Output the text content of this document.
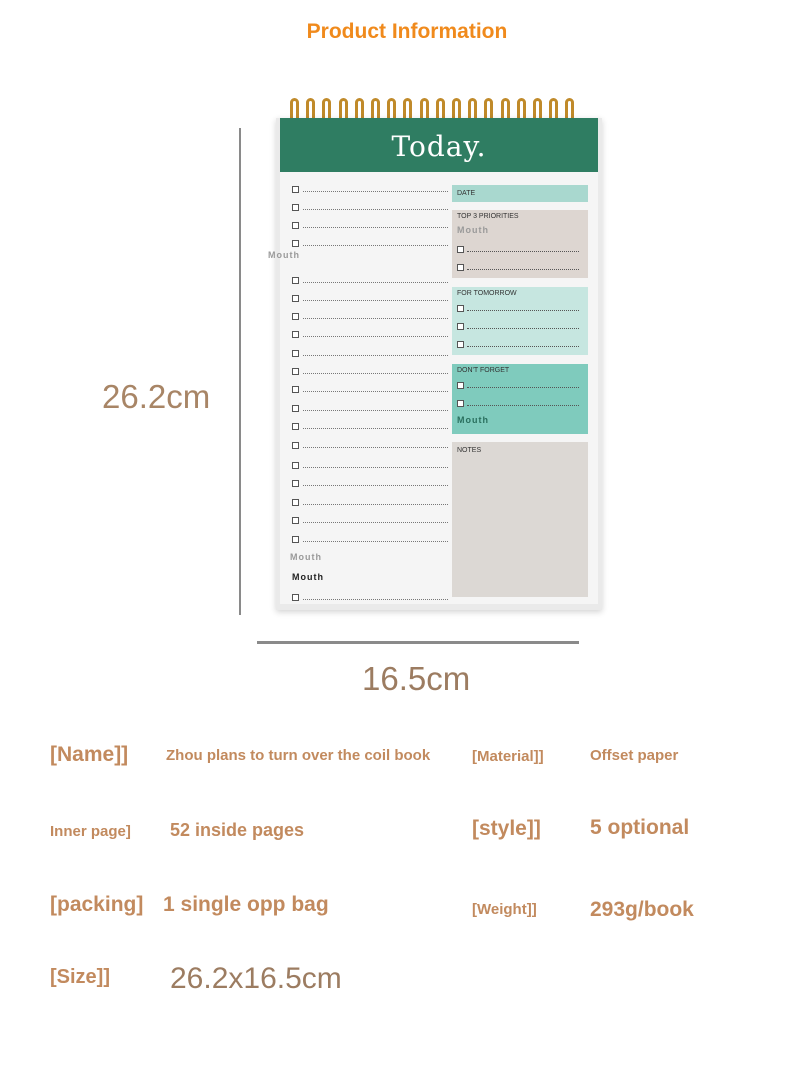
Product Information
26.2cm
16.5cm
Today.
DATE
TOP 3 PRIORITIES
Mouth
FOR TOMORROW
DON'T FORGET
Mouth
NOTES
Mouth
Mouth
Mouth
[Name]]	Zhou plans to turn over the coil book	[Material]]	Offset paper
Inner page] 52 inside pages	[style]] 5 optional
[packing] 1 single opp bag	[Weight]]	293g/book
[Size]] 26.2x16.5cm
